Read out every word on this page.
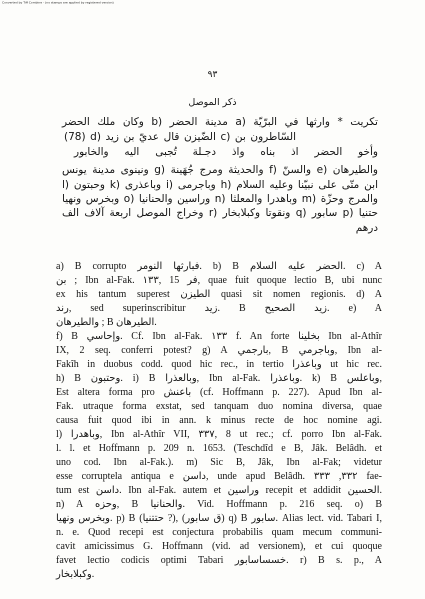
Converted by Tiff Combine - (no stamps are applied by registered version)
٩٣
ذكر الموصل
تكريت * وارثها في البرّيّة ⁦a)⁩ مدينة الحضر ⁦b)⁩ وكان ملك الحضر
السّاطرون بن ⁦c)⁩ الضّيزن قال عديّ بن زيد ⁦d)⁩ (78)
وأخو الحضر اذ بناه واذ دجـلة تُجبى اليه والخابور
والطيرهان ⁦e)⁩ والسنّ ⁦f)⁩ والحديثة ومرج جُهَينة ⁦g)⁩ ونينوى مدينة يونس
ابن متّى على نبيّنا وعليه السلام ⁦h)⁩ وباجرمى ⁦i)⁩ وباعذرى ⁦k)⁩ وحبتون ⁦l)⁩
والمرج وحزّة ⁦m)⁩ وباهدرا والمعلثا ⁦n)⁩ وراسين والحنانيا ⁦o)⁩ وبخرس ونهيا
حتنيا ⁦p)⁩ سابور ⁦q)⁩ ونقوتا وكبلابخار ⁦r)⁩ وخراج الموصل اربعة آلاف الف
درهم
a) B corrupto فبارثها النومر. b) B الحضر عليه السلام. c) A
بن ; Ibn al-Fak. ١٣٣, 15 فر, quae fuit quoque lectio B, ubi nunc
ex his tantum superest الطيزن quasi sit nomen regionis. d) A
رند, sed superinscribitur زيد. B زيد الصحيح. e) A
والطيرهان ; B الطيرهان.
f) B وإحاسي. Cf. Ibn al-Fak. ١٣٣ f. An forte بخلينا Ibn al-Athîr
IX, 2 seq. conferri potest? g) A بارجمي, B وباجرمي, Ibn al-
Fakîh in duobus codd. quod hic rec., in tertio وباعذرا ut hic rec.
h) B وحتبون. i) B وبالعذرا, Ibn al-Fak. وباعذرا. k) B وباعلس,
Est altera forma pro باعنش (cf. Hoffmann p. 227). Apud Ibn al-
Fak. utraque forma exstat, sed tanquam duo nomina diversa, quae
causa fuit quod ibi in ann. k minus recte de hoc nomine agi.
l) وباهدرا, Ibn al-Athîr VII, ٣٣٧, 8 ut rec.; cf. porro Ibn al-Fak.
l. l. et Hoffmann p. 209 n. 1653. (Teschdîd e B, Jâk. Belâdh. et
uno cod. Ibn al-Fak.). m) Sic B, Jâk, Ibn al-Fak; videtur
esse corruptela antiqua e داسن, unde apud Belâdh. ٣٣٢, ٣٣٣ fae-
tum est داسن. Ibn al-Fak. autem et وراسين recepit et addidit الحسين.
n) A وحزه, B والحنانيا. Vid. Hoffmann p. 216 seq. o) B
وبخرس ونهيا. p) B (حتتنيا ?), (ق سابور) q) B سابور. Alias lect. vid. Tabari I,
n. e. Quod recepi est conjectura probabilis quam mecum communi-
cavit amicissimus G. Hoffmann (vid. ad versionem), et cui quoque
favet lectio codicis optimi Tabari خسساسابور. r) B s. p., A
وكبلابخار.
